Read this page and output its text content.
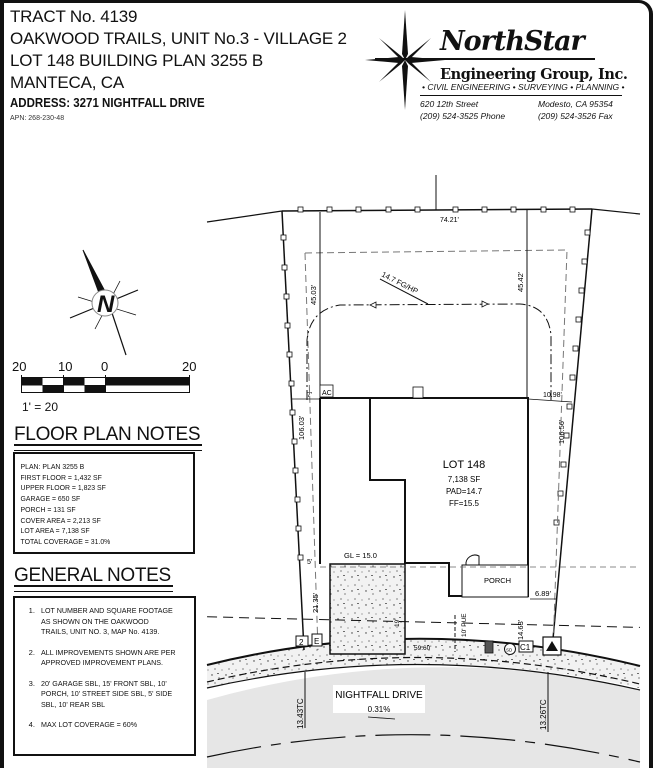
TRACT No. 4139
OAKWOOD TRAILS, UNIT No.3 - VILLAGE 2
LOT 148 BUILDING PLAN 3255 B
MANTECA, CA
ADDRESS: 3271 NIGHTFALL DRIVE
APN: 268-230-48
NorthStar
Engineering Group, Inc.
• CIVIL ENGINEERING • SURVEYING • PLANNING •
620 12th Street
(209) 524-3525 Phone
Modesto, CA 95354
(209) 524-3526 Fax
N
20 10 0	20
1' = 20
FLOOR PLAN NOTES
PLAN: PLAN 3255 B
FIRST FLOOR = 1,432 SF
UPPER FLOOR = 1,823 SF
GARAGE = 650 SF
PORCH = 131 SF
COVER AREA = 2,213 SF
LOT AREA = 7,138 SF
TOTAL COVERAGE = 31.0%
GENERAL NOTES
1. LOT NUMBER AND SQUARE FOOTAGE AS SHOWN ON THE OAKWOOD TRAILS, UNIT NO. 3, MAP No. 4139.
2. ALL IMPROVEMENTS SHOWN ARE PER APPROVED IMPROVEMENT PLANS.
3. 20' GARAGE SBL, 15' FRONT SBL, 10' PORCH, 10' STREET SIDE SBL, 5' SIDE SBL, 10' REAR SBL
4. MAX LOT COVERAGE = 60%
NIGHTFALL DRIVE
0.31%
13.43TC	13.26TC
74.21'
45.03'
45.42'
14.7 FG/HP
AC
7'	10.98'
106.03'	106.56'
LOT 148
7,138 SF
PAD=14.7
FF=15.5
GL = 15.0
19'
PORCH
21.35'
5'
6.89'
14.63'
10' PUE
59.60'
2 E
SD C1
